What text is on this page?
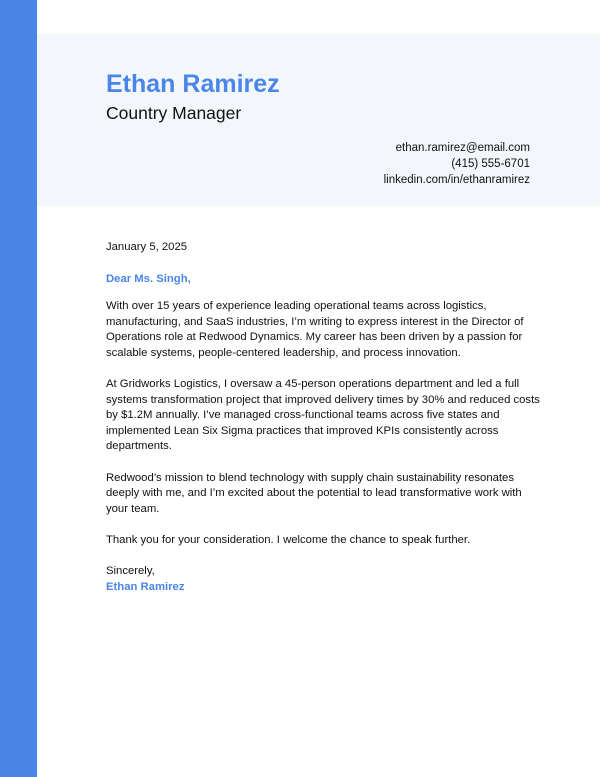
Ethan Ramirez
Country Manager
ethan.ramirez@email.com
(415) 555-6701
linkedin.com/in/ethanramirez

January 5, 2025

Dear Ms. Singh,

With over 15 years of experience leading operational teams across logistics, manufacturing, and SaaS industries, I’m writing to express interest in the Director of Operations role at Redwood Dynamics. My career has been driven by a passion for scalable systems, people-centered leadership, and process innovation.

At Gridworks Logistics, I oversaw a 45-person operations department and led a full systems transformation project that improved delivery times by 30% and reduced costs by $1.2M annually. I’ve managed cross-functional teams across five states and implemented Lean Six Sigma practices that improved KPIs consistently across departments.

Redwood’s mission to blend technology with supply chain sustainability resonates deeply with me, and I’m excited about the potential to lead transformative work with your team.

Thank you for your consideration. I welcome the chance to speak further.

Sincerely,

Ethan Ramirez
